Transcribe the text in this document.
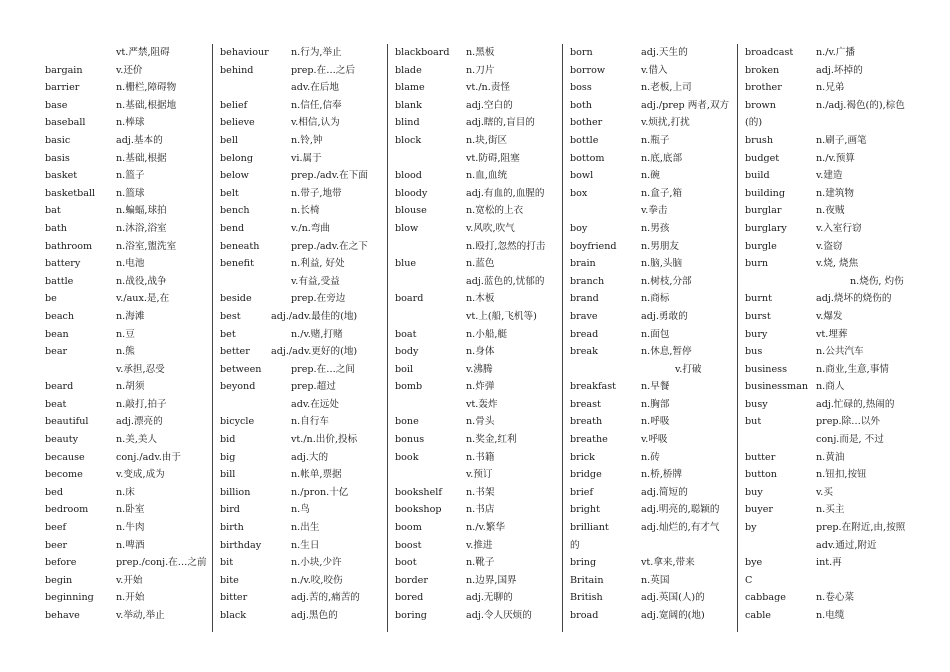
vt.严禁,阻碍
bargain	v.还价
barrier	n.栅栏,障碍物
base	n.基础,根据地
baseball	n.棒球
basic	adj.基本的
basis	n.基础,根据
basket	n.篮子
basketball n.篮球
bat	n.蝙蝠,球拍
bath	n.沐浴,浴室
bathroom n.浴室,盥洗室
battery	n.电池
battle	n.战役,战争
be	v./aux.是,在
beach	n.海滩
bean	n.豆
bear	n.熊
v.承担,忍受
beard	n.胡须
beat	n.敲打,拍子
beautiful	adj.漂亮的
beauty	n.美,美人
because	conj./adv.由于
become	v.变成,成为
bed	n.床
bedroom	n.卧室
beef	n.牛肉
beer	n.啤酒
before	prep./conj.在…之前
begin	v.开始
beginning n.开始
behave	v.举动,举止
behaviour n.行为,举止
behind	prep.在…之后
adv.在后地
belief	n.信任,信奉
believe	v.相信,认为
bell	n.铃,钟
belong	vi.属于
below	prep./adv.在下面
belt	n.带子,地带
bench	n.长椅
bend	v./n.弯曲
beneath	prep./adv.在之下
benefit	n.利益, 好处
v.有益,受益
beside	prep.在旁边
best	adj./adv.最佳的(地)
bet	n./v.赌,打赌
better adj./adv.更好的(地)
between	prep.在…之间
beyond	prep.超过
adv.在远处
bicycle	n.自行车
bid	vt./n.出价,投标
big	adj.大的
bill	n.帐单,票据
billion	n./pron.十亿
bird	n.鸟
birth	n.出生
birthday	n.生日
bit	n.小块,少许
bite	n./v.咬,咬伤
bitter	adj.苦的,痛苦的
black	adj.黑色的
blackboard n.黑板
blade	n.刀片
blame	vt./n.责怪
blank	adj.空白的
blind	adj.瞎的,盲目的
block	n.块,街区
vt.防碍,阻塞
blood	n.血,血统
bloody	adj.有血的,血腥的
blouse	n.宽松的上衣
blow	v.风吹,吹气
n.殴打,忽然的打击
blue	n.蓝色
adj.蓝色的,忧郁的
board	n.木板
vt.上(船,飞机等)
boat	n.小船,艇
body	n.身体
boil	v.沸腾
bomb	n.炸弹
vt.轰炸
bone	n.骨头
bonus	n.奖金,红利
book	n.书籍
v.预订
bookshelf	n.书架
bookshop	n.书店
boom	n./v.繁华
boost	v.推进
boot	n.靴子
border	n.边界,国界
bored	adj.无聊的
boring	adj.令人厌烦的
born	adj.天生的
borrow	v.借入
boss	n.老板,上司
both	adj./prep 两者,双方
bother	v.烦扰,打扰
bottle	n.瓶子
bottom	n.底,底部
bowl	n.碗
box	n.盒子,箱
v.拳击
boy	n.男孩
boyfriend	n.男朋友
brain	n.脑,头脑
branch	n.树枝,分部
brand	n.商标
brave	adj.勇敢的
bread	n.面包
break	n.休息,暂停
v.打破
breakfast	n.早餐
breast	n.胸部
breath	n.呼吸
breathe	v.呼吸
brick	n.砖
bridge	n.桥,桥牌
brief	adj.简短的
bright	adj.明亮的,聪颖的
brilliant	adj.灿烂的,有才气
的
bring	vt.拿来,带来
Britain	n.英国
British	adj.英国(人)的
broad	adj.宽阔的(地)
broadcast n./v.广播
broken	adj.坏掉的
brother	n.兄弟
brown	n./adj.褐色(的),棕色
(的)
brush	n.刷子,画笔
budget	n./v.预算
build	v.建造
building	n.建筑物
burglar	n.夜贼
burglary	v.入室行窃
burgle	v.盗窃
burn	v.烧, 烧焦
n.烧伤, 灼伤
burnt	adj.烧坏的烧伤的
burst	v.爆发
bury	vt.埋葬
bus	n.公共汽车
business	n.商业,生意,事情
businessman n.商人
busy	adj.忙碌的,热闹的
but	prep.除…以外
conj.而是, 不过
butter	n.黄油
button	n.钮扣,按钮
buy	v.买
buyer	n.买主
by	prep.在附近,由,按照
adv.通过,附近
bye	int.再
C
cabbage	n.卷心菜
cable	n.电缆
